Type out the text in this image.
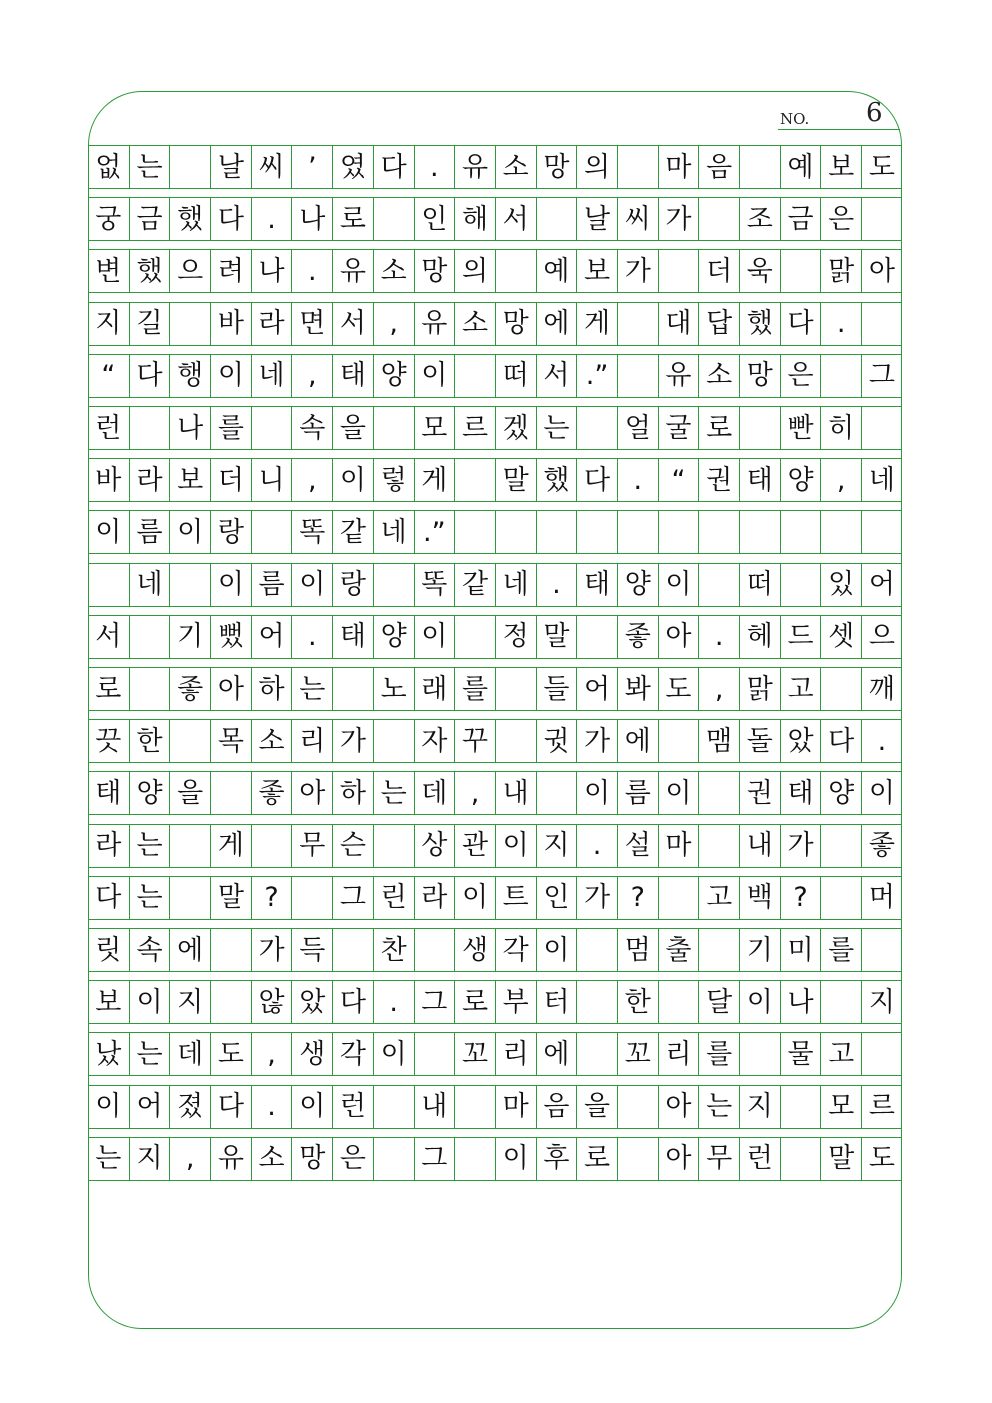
NO. 6
없 는 날 씨 ’ 였 다 . 유 소 망 의 마 음 예 보 도
궁 금 했 다 . 나 로 인 해 서 날 씨 가 조 금 은
변 했 으 려 나 . 유 소 망 의 예 보 가 더 욱 맑 아
지 길 바 라 면 서 , 유 소 망 에 게 대 답 했 다 .
“ 다 행 이 네 , 태 양 이 떠 서 .”	유 소 망 은 그
런 나 를 속 을 모 르 겠 는 얼 굴 로 빤 히
바 라 보 더 니 , 이 렇 게 말 했 다 .	“ 권 태 양 , 네
이 름 이 랑 똑 같 네 .”
네 이 름 이 랑 똑 같 네 . 태 양 이 떠 있 어
서 기 뻤 어 . 태 양 이 정 말 좋 아 . 헤 드 셋 으
로 좋 아 하 는 노 래 를 들 어 봐 도 , 맑 고 깨
끗 한 목 소 리 가 자 꾸 귓 가 에 맴 돌 았 다 .
태 양 을 좋 아 하 는 데 , 내 이 름 이 권 태 양 이
라 는 게 무 슨 상 관 이 지 . 설 마 내 가 좋
다 는 말 ?	그 린 라 이 트 인 가 ?	고 백 ?	머
릿 속 에 가 득 찬 생 각 이 멈 출 기 미 를
보 이 지 않 았 다 . 그 로 부 터 한 달 이 나 지
났 는 데 도 , 생 각 이 꼬 리 에 꼬 리 를 물 고
이 어 졌 다 . 이 런 내 마 음 을 아 는 지 모 르
는 지 , 유 소 망 은 그 이 후 로 아 무 런 말 도
